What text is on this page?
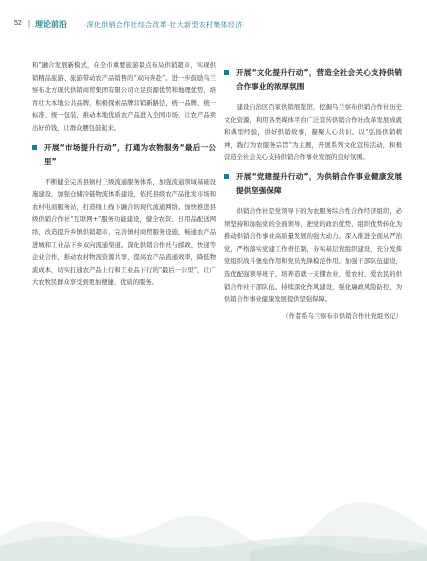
52 | 理论前沿 ·深化供销合作社综合改革·壮大新型农村集体经济·

和”融合发展新模式，在全市重要旅游景点布局供销超市，实现供销精品旅游、旅游带动农产品销售的“双向奔赴”。进一步鼓励乌兰察布北方现代供销商贸集团有限公司立足资源优势和地理优势，培育壮大本地公共品牌，积极探索品牌营销新路径，统一品牌、统一标准、统一包装，推动本地优质农产品进入全国市场，让农产品卖出好价钱，让群众腰包鼓起来。

开展“市场提升行动”，打通为农物服务“最后一公里”

不断健全完善县镇村三级流通服务体系，加强流通领域基础设施建设，加强仓储冷链物流体系建设，依托县级农产品批发市场和农村电商服务站，打造线上线下融合的现代流通网络。加快推进县级供销合作社“互联网+”服务功能建设，健全农资、日用品配送网络，改造提升乡镇供销超市，完善镇村商贸服务设施，畅通农产品进城和工业品下乡双向流通渠道。深化供销合作社与邮政、快递等企业合作，推动农村物流资源共享，提高农产品流通效率，降低物流成本，切实打通农产品上行和工业品下行的“最后一公里”，让广大农牧民群众享受到更加便捷、优质的服务。

开展“文化提升行动”，营造全社会关心支持供销合作事业的浓厚氛围

建设自治区百家供销展览馆，挖掘乌兰察布供销合作社历史文化资源，利用各类媒体平台广泛宣传供销合作社改革发展成就和典型经验，讲好供销故事，凝聚人心共识。以“弘扬供销精神，践行为农服务宗旨”为主题，开展系列文化宣传活动，积极营造全社会关心支持供销合作事业发展的良好氛围。

开展“党建提升行动”，为供销合作事业健康发展提供坚强保障

供销合作社是党领导下的为农服务综合性合作经济组织，必须坚持和加强党的全面领导，把党的政治优势、组织优势转化为推动供销合作事业高质量发展的强大动力。深入推进全面从严治党，严格落实党建工作责任制，夯实基层党组织建设，充分发挥党组织战斗堡垒作用和党员先锋模范作用。加强干部队伍建设，选优配强领导班子，培养造就一支懂农业、爱农村、爱农民的供销合作社干部队伍。持续深化作风建设，强化廉政风险防控，为供销合作事业健康发展提供坚强保障。

（作者系乌兰察布市供销合作社党组书记）
